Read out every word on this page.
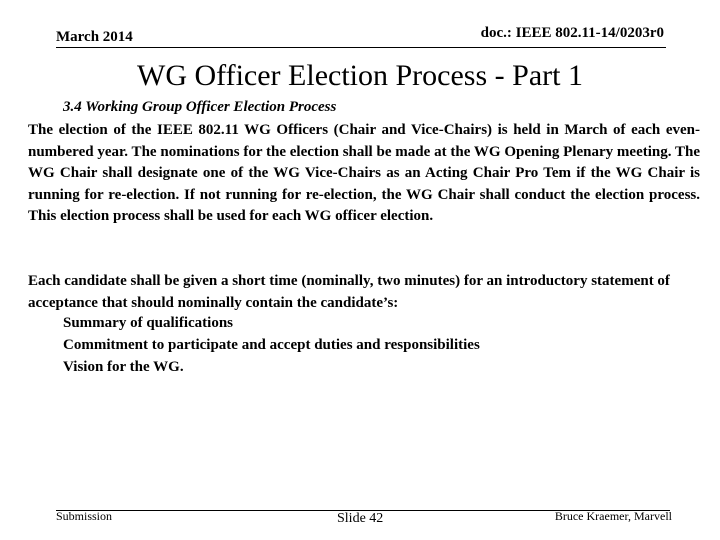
March 2014	doc.: IEEE 802.11-14/0203r0
WG Officer Election Process - Part 1
3.4 Working Group Officer Election Process

The election of the IEEE 802.11 WG Officers (Chair and Vice-Chairs) is held in March of each even-numbered year. The nominations for the election shall be made at the WG Opening Plenary meeting. The WG Chair shall designate one of the WG Vice-Chairs as an Acting Chair Pro Tem if the WG Chair is running for re-election. If not running for re-election, the WG Chair shall conduct the election process. This election process shall be used for each WG officer election.

Each candidate shall be given a short time (nominally, two minutes) for an introductory statement of acceptance that should nominally contain the candidate’s:

Summary of qualifications
Commitment to participate and accept duties and responsibilities
Vision for the WG.
Submission	Slide 42	Bruce Kraemer, Marvell
